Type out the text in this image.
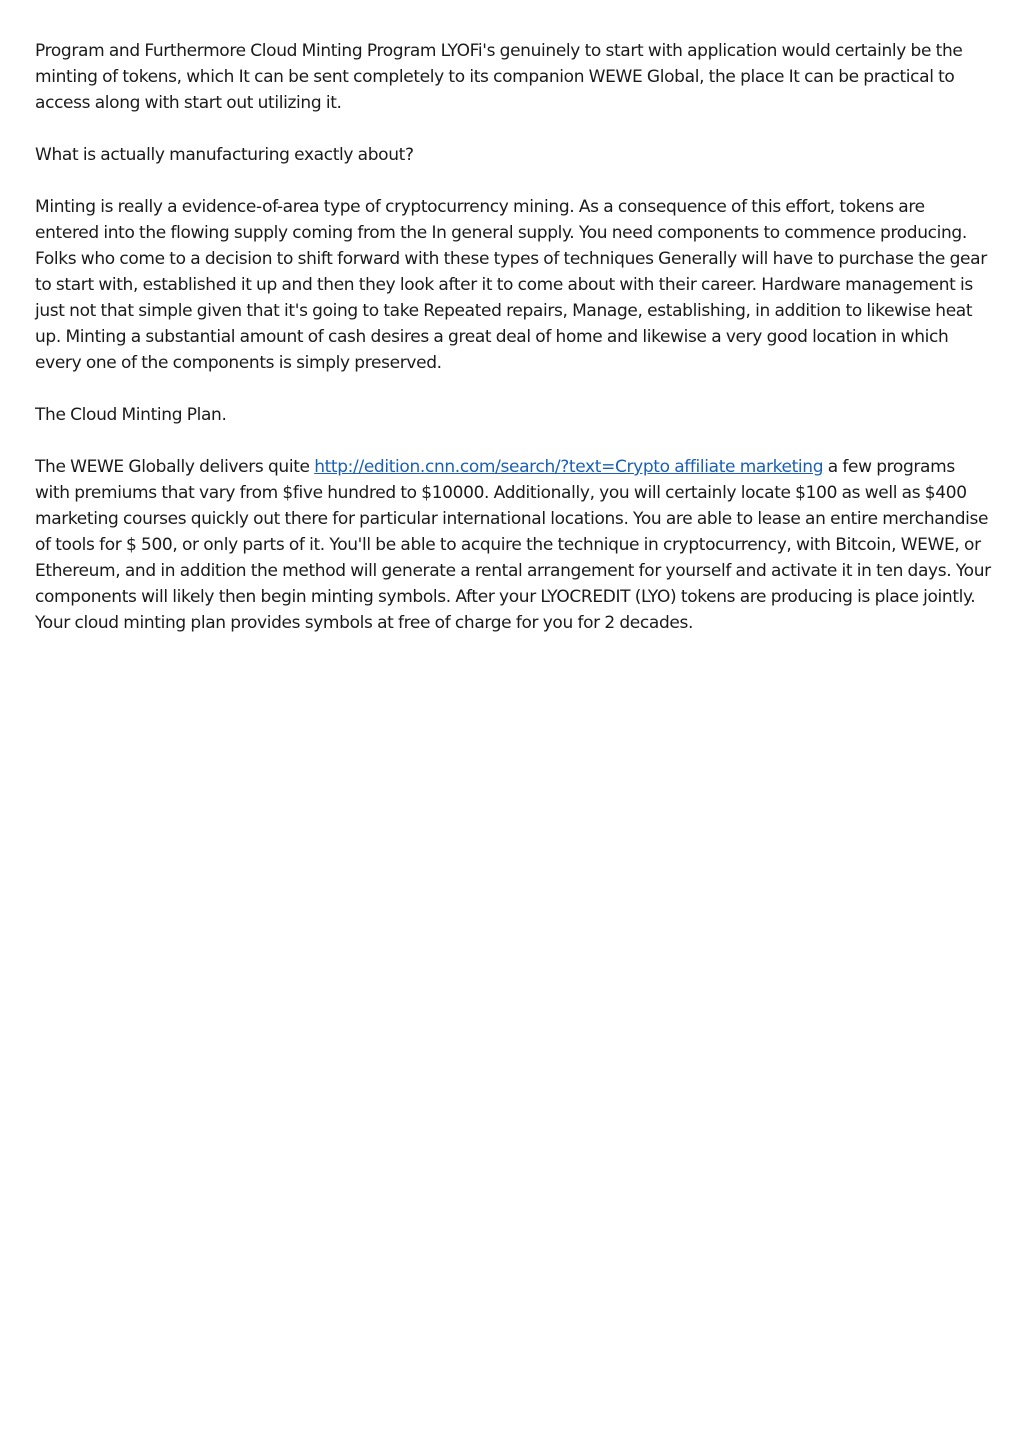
Program and Furthermore Cloud Minting Program LYOFi's genuinely to start with application would certainly be the minting of tokens, which It can be sent completely to its companion WEWE Global, the place It can be practical to access along with start out utilizing it.

What is actually manufacturing exactly about?

Minting is really a evidence-of-area type of cryptocurrency mining. As a consequence of this effort, tokens are entered into the flowing supply coming from the In general supply. You need components to commence producing. Folks who come to a decision to shift forward with these types of techniques Generally will have to purchase the gear to start with, established it up and then they look after it to come about with their career. Hardware management is just not that simple given that it's going to take Repeated repairs, Manage, establishing, in addition to likewise heat up. Minting a substantial amount of cash desires a great deal of home and likewise a very good location in which every one of the components is simply preserved.

The Cloud Minting Plan.

The WEWE Globally delivers quite http://edition.cnn.com/search/?text=Crypto affiliate marketing a few programs with premiums that vary from $five hundred to $10000. Additionally, you will certainly locate $100 as well as $400 marketing courses quickly out there for particular international locations. You are able to lease an entire merchandise of tools for $ 500, or only parts of it. You'll be able to acquire the technique in cryptocurrency, with Bitcoin, WEWE, or Ethereum, and in addition the method will generate a rental arrangement for yourself and activate it in ten days. Your components will likely then begin minting symbols. After your LYOCREDIT (LYO) tokens are producing is place jointly. Your cloud minting plan provides symbols at free of charge for you for 2 decades.
